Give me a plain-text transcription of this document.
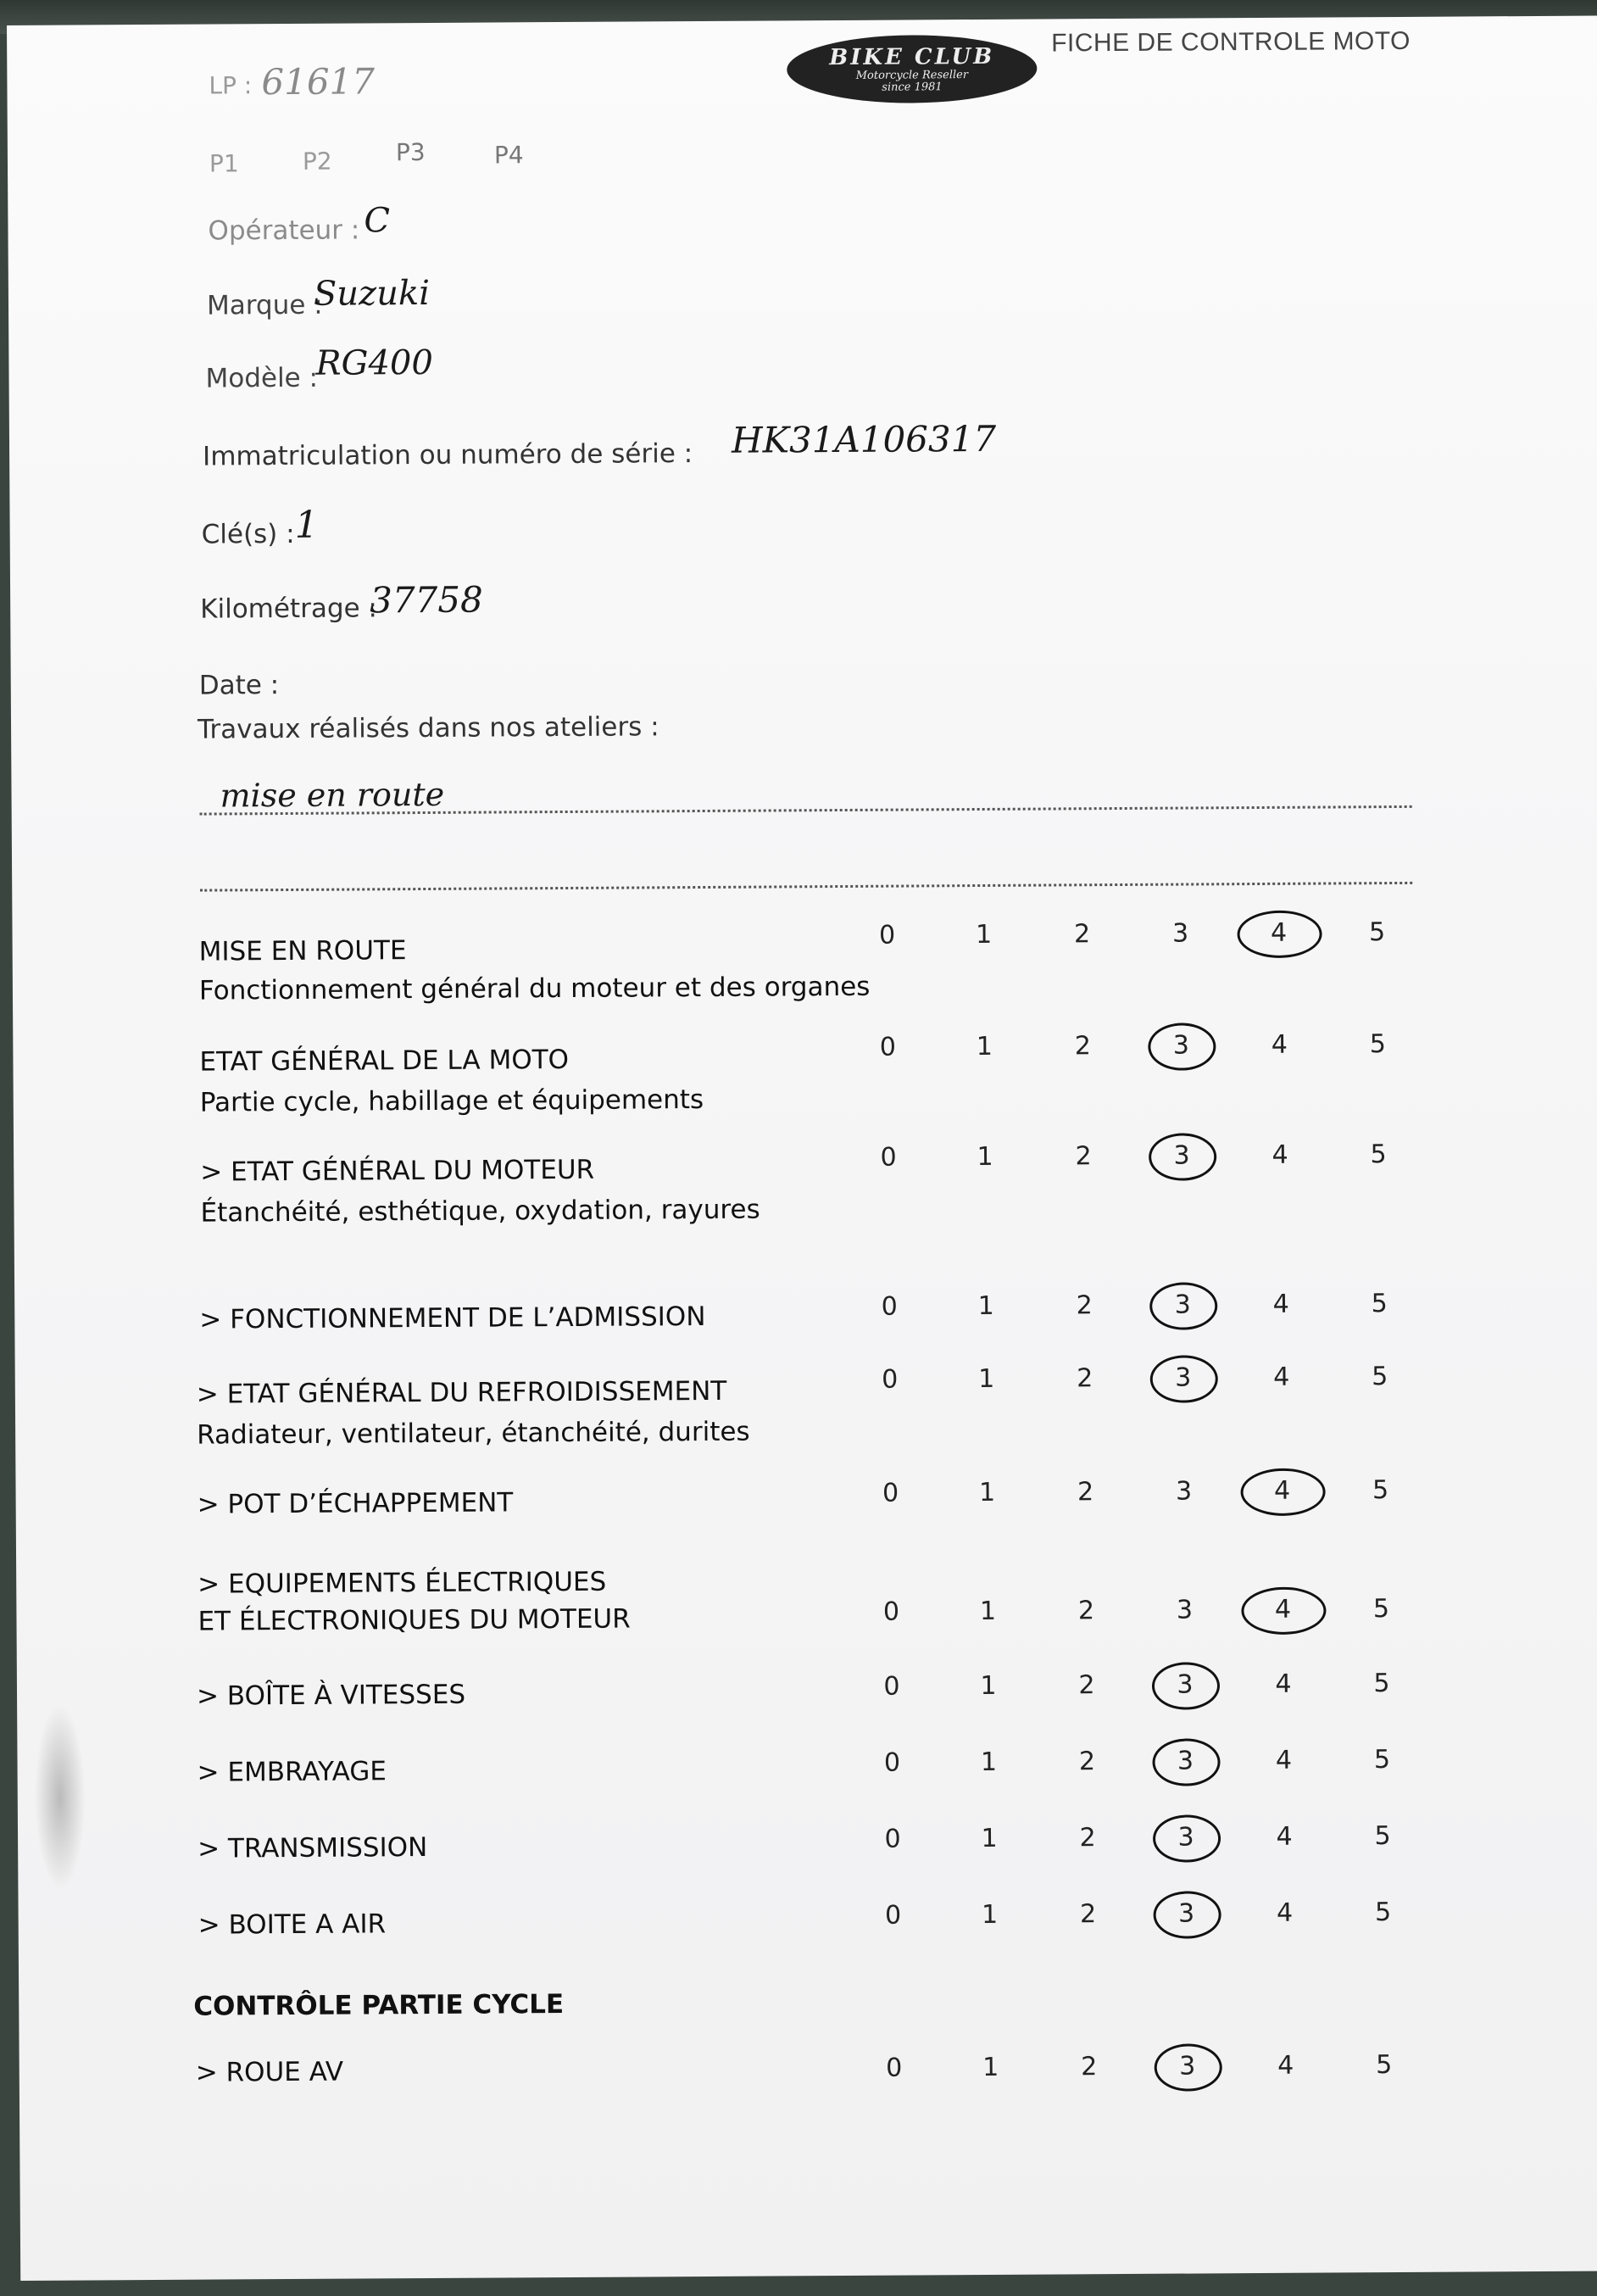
BIKE CLUB
Motorcycle Reseller
since 1981
FICHE DE CONTROLE MOTO
LP : 61617
P1	P2	P3	P4
Opérateur : C
Marque :
Suzuki
Modèle :
RG400
Immatriculation ou numéro de série : HK31A106317
Clé(s) : 1
Kilométrage :
37758
Date :
Travaux réalisés dans nos ateliers :
mise en route
MISE EN ROUTE
Fonctionnement général du moteur et des organes
0	1	2	3	4	5
ETAT GÉNÉRAL DE LA MOTO
Partie cycle, habillage et équipements
0	1	2	3	4	5
> ETAT GÉNÉRAL DU MOTEUR
Étanchéité, esthétique, oxydation, rayures
0	1	2	3	4	5
> FONCTIONNEMENT DE L’ADMISSION	0	1	2	3	4	5
> ETAT GÉNÉRAL DU REFROIDISSEMENT
Radiateur, ventilateur, étanchéité, durites
0	1	2	3	4	5
> POT D’ÉCHAPPEMENT	0	1	2	3	4	5
> EQUIPEMENTS ÉLECTRIQUES
ET ÉLECTRONIQUES DU MOTEUR	0	1	2	3	4	5
> BOÎTE À VITESSES	0	1	2	3	4	5
> EMBRAYAGE	0	1	2	3	4	5
> TRANSMISSION	0	1	2	3	4	5
> BOITE A AIR	0	1	2	3	4	5
CONTRÔLE PARTIE CYCLE
> ROUE AV	0	1	2	3	4	5
